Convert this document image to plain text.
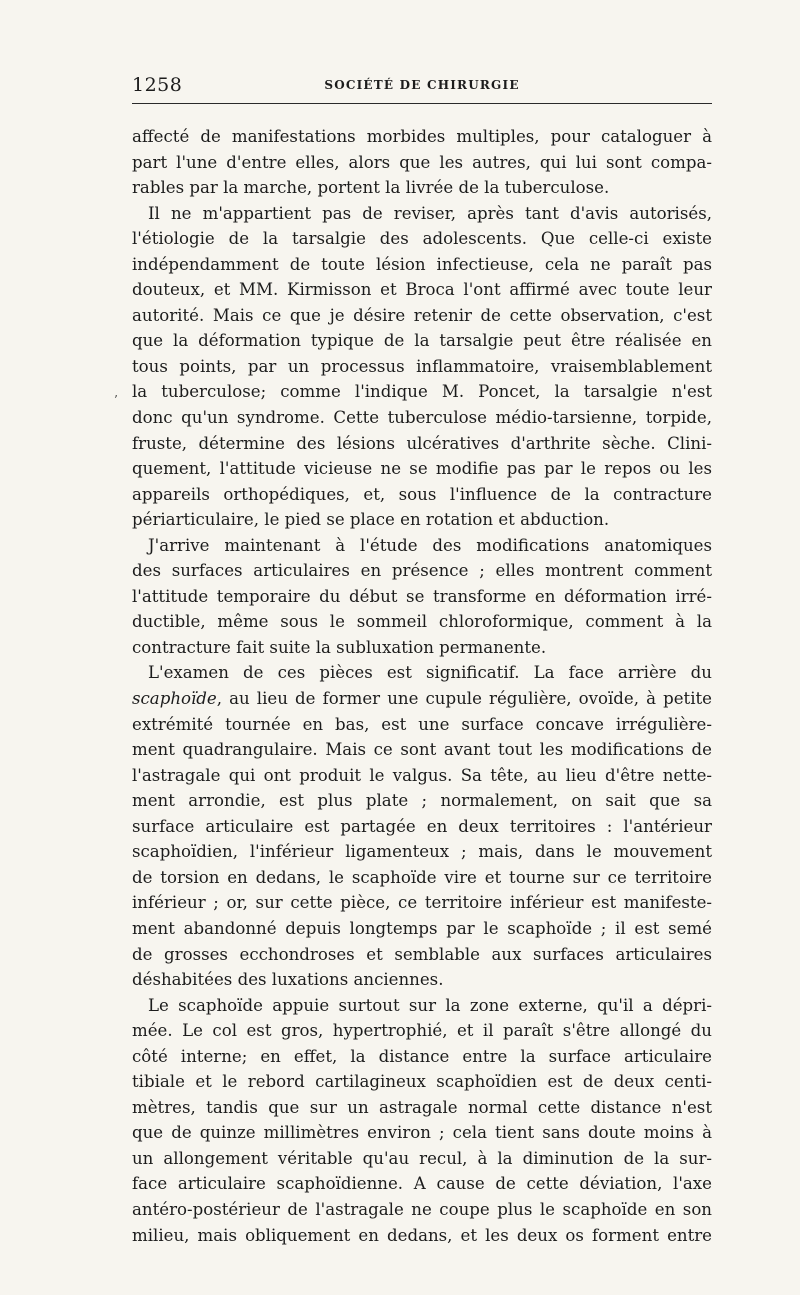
1258	SOCIÉTÉ DE CHIRURGIE
’
affecté de manifestations morbides multiples, pour cataloguer à
part l'une d'entre elles, alors que les autres, qui lui sont compa-
rables par la marche, portent la livrée de la tuberculose.
Il ne m'appartient pas de reviser, après tant d'avis autorisés,
l'étiologie de la tarsalgie des adolescents. Que celle-ci existe
indépendamment de toute lésion infectieuse, cela ne paraît pas
douteux, et MM. Kirmisson et Broca l'ont affirmé avec toute leur
autorité. Mais ce que je désire retenir de cette observation, c'est
que la déformation typique de la tarsalgie peut être réalisée en
tous points, par un processus inflammatoire, vraisemblablement
la tuberculose; comme l'indique M. Poncet, la tarsalgie n'est
donc qu'un syndrome. Cette tuberculose médio-tarsienne, torpide,
fruste, détermine des lésions ulcératives d'arthrite sèche. Clini-
quement, l'attitude vicieuse ne se modifie pas par le repos ou les
appareils orthopédiques, et, sous l'influence de la contracture
périarticulaire, le pied se place en rotation et abduction.
J'arrive maintenant à l'étude des modifications anatomiques
des surfaces articulaires en présence ; elles montrent comment
l'attitude temporaire du début se transforme en déformation irré-
ductible, même sous le sommeil chloroformique, comment à la
contracture fait suite la subluxation permanente.
L'examen de ces pièces est significatif. La face arrière du
scaphoïde, au lieu de former une cupule régulière, ovoïde, à petite
extrémité tournée en bas, est une surface concave irrégulière-
ment quadrangulaire. Mais ce sont avant tout les modifications de
l'astragale qui ont produit le valgus. Sa tête, au lieu d'être nette-
ment arrondie, est plus plate ; normalement, on sait que sa
surface articulaire est partagée en deux territoires : l'antérieur
scaphoïdien, l'inférieur ligamenteux ; mais, dans le mouvement
de torsion en dedans, le scaphoïde vire et tourne sur ce territoire
inférieur ; or, sur cette pièce, ce territoire inférieur est manifeste-
ment abandonné depuis longtemps par le scaphoïde ; il est semé
de grosses ecchondroses et semblable aux surfaces articulaires
déshabitées des luxations anciennes.
Le scaphoïde appuie surtout sur la zone externe, qu'il a dépri-
mée. Le col est gros, hypertrophié, et il paraît s'être allongé du
côté interne; en effet, la distance entre la surface articulaire
tibiale et le rebord cartilagineux scaphoïdien est de deux centi-
mètres, tandis que sur un astragale normal cette distance n'est
que de quinze millimètres environ ; cela tient sans doute moins à
un allongement véritable qu'au recul, à la diminution de la sur-
face articulaire scaphoïdienne. A cause de cette déviation, l'axe
antéro-postérieur de l'astragale ne coupe plus le scaphoïde en son
milieu, mais obliquement en dedans, et les deux os forment entre
